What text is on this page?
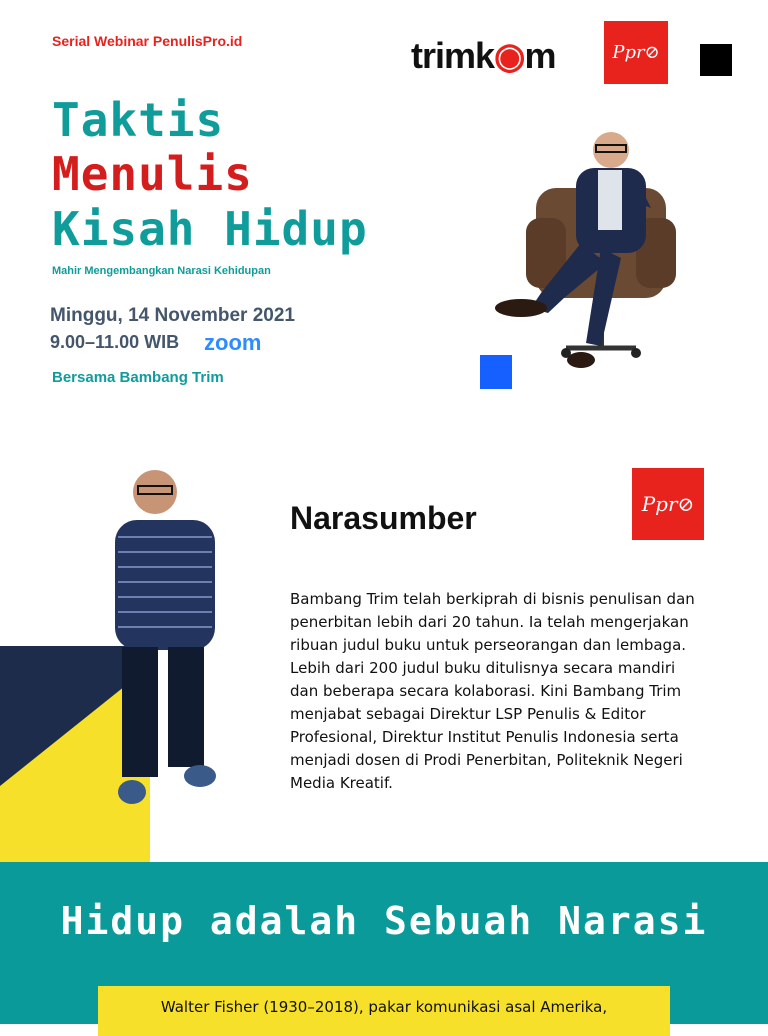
Serial Webinar PenulisPro.id	trimk◉m	Ppr ⊘
Taktis
Menulis
Kisah Hidup
Mahir Mengembangkan Narasi Kehidupan
Minggu, 14 November 2021
9.00–11.00 WIB zoom
Bersama Bambang Trim
Narasumber	Ppr ⊘
Bambang Trim telah berkiprah di bisnis penulisan dan penerbitan lebih dari 20 tahun. Ia telah mengerjakan ribuan judul buku untuk perseorangan dan lembaga. Lebih dari 200 judul buku ditulisnya secara mandiri dan beberapa secara kolaborasi. Kini Bambang Trim menjabat sebagai Direktur LSP Penulis & Editor Profesional, Direktur Institut Penulis Indonesia serta menjadi dosen di Prodi Penerbitan, Politeknik Negeri Media Kreatif.
Hidup adalah Sebuah Narasi
Walter Fisher (1930–2018), pakar komunikasi asal Amerika,
